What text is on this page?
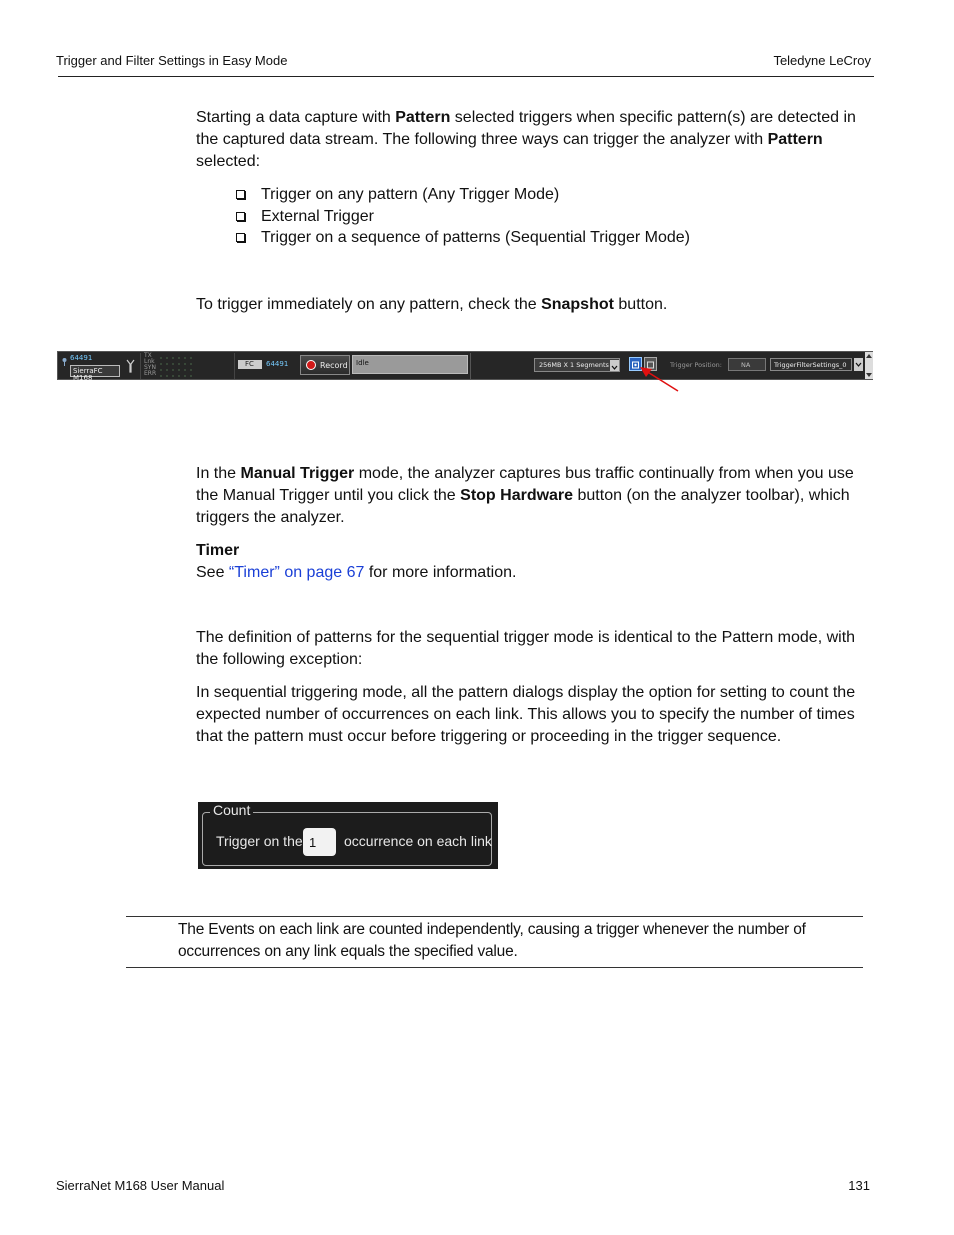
Trigger and Filter Settings in Easy Mode	Teledyne LeCroy
Starting a data capture with Pattern selected triggers when specific pattern(s) are detected in the captured data stream. The following three ways can trigger the analyzer with Pattern selected:
Trigger on any pattern (Any Trigger Mode)
External Trigger
Trigger on a sequence of patterns (Sequential Trigger Mode)
To trigger immediately on any pattern, check the Snapshot button.
64491
SierraFC M168
TX
Lnk
SYN
ERR
FC 64491	Record Idle	256MB X 1 Segments	Trigger Position:	NA	TriggerFilterSettings_0
In the Manual Trigger mode, the analyzer captures bus traffic continually from when you use the Manual Trigger until you click the Stop Hardware button (on the analyzer toolbar), which triggers the analyzer.
Timer
See “Timer” on page 67 for more information.
The definition of patterns for the sequential trigger mode is identical to the Pattern mode, with the following exception:
In sequential triggering mode, all the pattern dialogs display the option for setting to count the expected number of occurrences on each link. This allows you to specify the number of times that the pattern must occur before triggering or proceeding in the trigger sequence.
Count
Trigger on the 1	occurrence on each link
The Events on each link are counted independently, causing a trigger whenever the number of occurrences on any link equals the specified value.
SierraNet M168 User Manual	131
